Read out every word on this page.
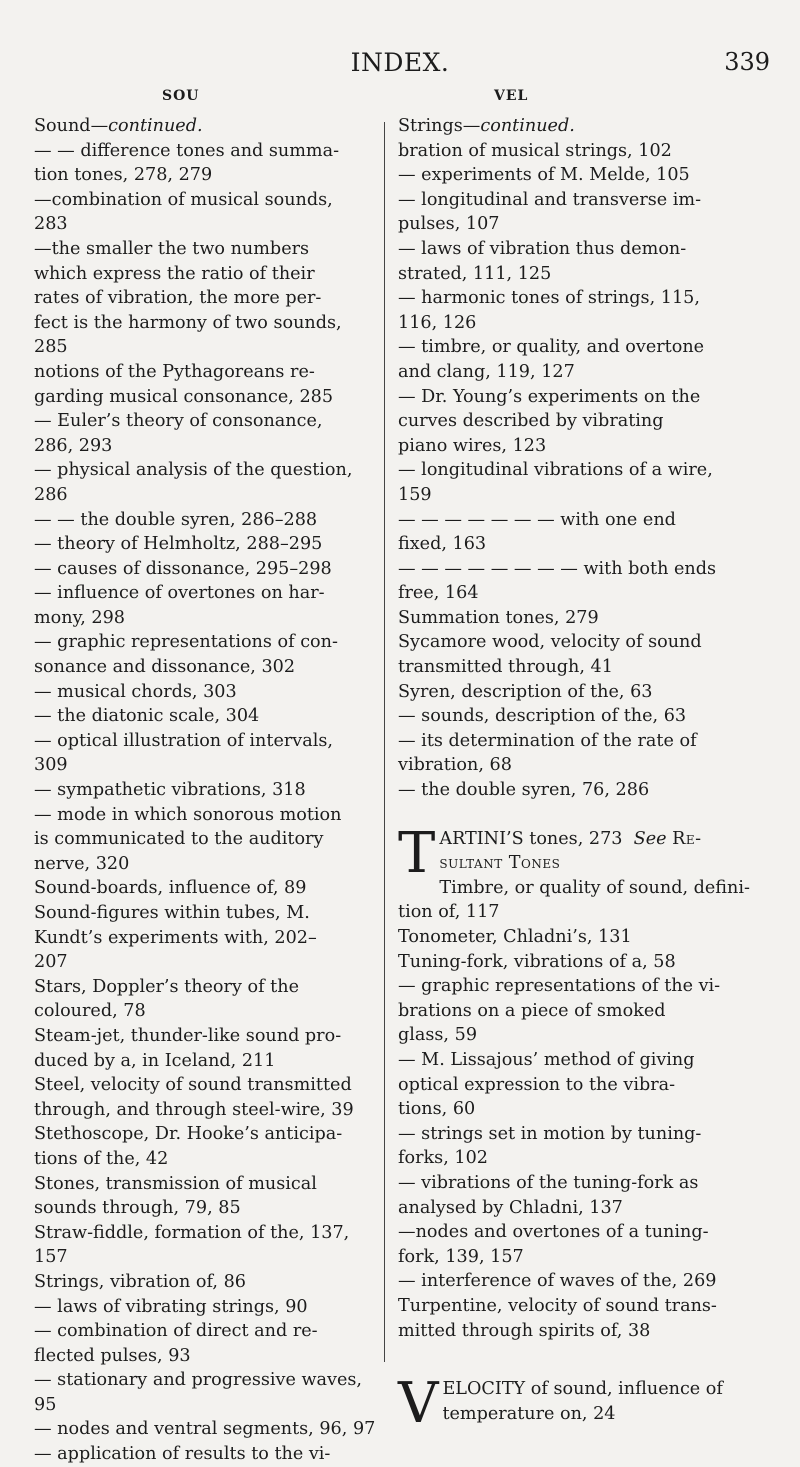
INDEX.	339
SOU	VEL
Sound—continued.
— — difference tones and summa-
tion tones, 278, 279
—combination of musical sounds,
283
—the smaller the two numbers
which express the ratio of their
rates of vibration, the more per-
fect is the harmony of two sounds,
285
notions of the Pythagoreans re-
garding musical consonance, 285
— Euler’s theory of consonance,
286, 293
— physical analysis of the question,
286
— — the double syren, 286–288
— theory of Helmholtz, 288–295
— causes of dissonance, 295–298
— influence of overtones on har-
mony, 298
— graphic representations of con-
sonance and dissonance, 302
— musical chords, 303
— the diatonic scale, 304
— optical illustration of intervals,
309
— sympathetic vibrations, 318
— mode in which sonorous motion
is communicated to the auditory
nerve, 320
Sound-boards, influence of, 89
Sound-figures within tubes, M.
Kundt’s experiments with, 202–
207
Stars, Doppler’s theory of the
coloured, 78
Steam-jet, thunder-like sound pro-
duced by a, in Iceland, 211
Steel, velocity of sound transmitted
through, and through steel-wire, 39
Stethoscope, Dr. Hooke’s anticipa-
tions of the, 42
Stones, transmission of musical
sounds through, 79, 85
Straw-fiddle, formation of the, 137,
157
Strings, vibration of, 86
— laws of vibrating strings, 90
— combination of direct and re-
flected pulses, 93
— stationary and progressive waves,
95
— nodes and ventral segments, 96, 97
— application of results to the vi-
Strings—continued.
bration of musical strings, 102
— experiments of M. Melde, 105
— longitudinal and transverse im-
pulses, 107
— laws of vibration thus demon-
strated, 111, 125
— harmonic tones of strings, 115,
116, 126
— timbre, or quality, and overtone
and clang, 119, 127
— Dr. Young’s experiments on the
curves described by vibrating
piano wires, 123
— longitudinal vibrations of a wire,
159
— — — — — — — with one end
fixed, 163
— — — — — — — — with both ends
free, 164
Summation tones, 279
Sycamore wood, velocity of sound
transmitted through, 41
Syren, description of the, 63
— sounds, description of the, 63
— its determination of the rate of
vibration, 68
— the double syren, 76, 286
T ARTINI’S tones, 273 See Re-
sultant Tones
Timbre, or quality of sound, defini-
tion of, 117
Tonometer, Chladni’s, 131
Tuning-fork, vibrations of a, 58
— graphic representations of the vi-
brations on a piece of smoked
glass, 59
— M. Lissajous’ method of giving
optical expression to the vibra-
tions, 60
— strings set in motion by tuning-
forks, 102
— vibrations of the tuning-fork as
analysed by Chladni, 137
—nodes and overtones of a tuning-
fork, 139, 157
— interference of waves of the, 269
Turpentine, velocity of sound trans-
mitted through spirits of, 38
V ELOCITY of sound, influence of
temperature on, 24
